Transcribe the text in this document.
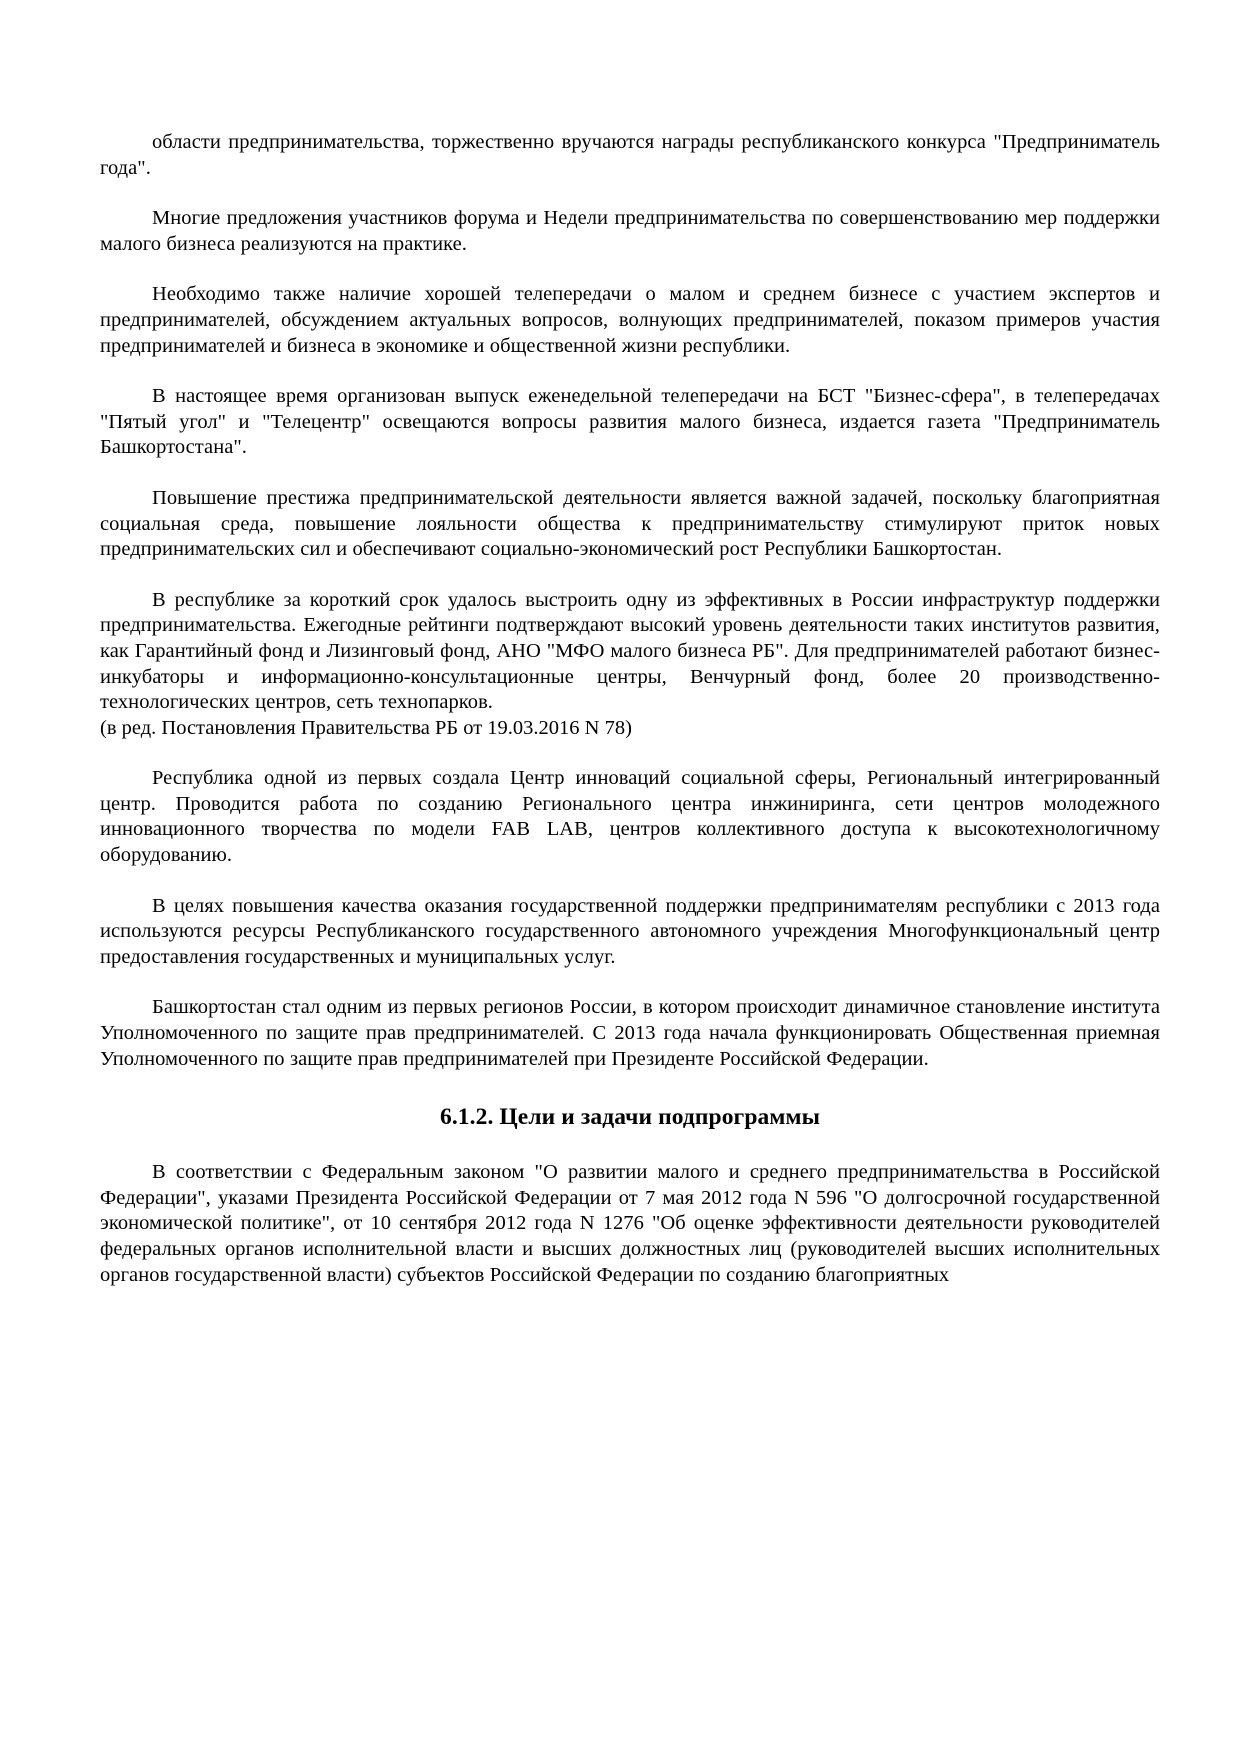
области предпринимательства, торжественно вручаются награды республиканского конкурса "Предприниматель года".

Многие предложения участников форума и Недели предпринимательства по совершенствованию мер поддержки малого бизнеса реализуются на практике.

Необходимо также наличие хорошей телепередачи о малом и среднем бизнесе с участием экспертов и предпринимателей, обсуждением актуальных вопросов, волнующих предпринимателей, показом примеров участия предпринимателей и бизнеса в экономике и общественной жизни республики.

В настоящее время организован выпуск еженедельной телепередачи на БСТ "Бизнес-сфера", в телепередачах "Пятый угол" и "Телецентр" освещаются вопросы развития малого бизнеса, издается газета "Предприниматель Башкортостана".

Повышение престижа предпринимательской деятельности является важной задачей, поскольку благоприятная социальная среда, повышение лояльности общества к предпринимательству стимулируют приток новых предпринимательских сил и обеспечивают социально-экономический рост Республики Башкортостан.

В республике за короткий срок удалось выстроить одну из эффективных в России инфраструктур поддержки предпринимательства. Ежегодные рейтинги подтверждают высокий уровень деятельности таких институтов развития, как Гарантийный фонд и Лизинговый фонд, АНО "МФО малого бизнеса РБ". Для предпринимателей работают бизнес-инкубаторы и информационно-консультационные центры, Венчурный фонд, более 20 производственно-технологических центров, сеть технопарков.

(в ред. Постановления Правительства РБ от 19.03.2016 N 78)

Республика одной из первых создала Центр инноваций социальной сферы, Региональный интегрированный центр. Проводится работа по созданию Регионального центра инжиниринга, сети центров молодежного инновационного творчества по модели FAB LAB, центров коллективного доступа к высокотехнологичному оборудованию.

В целях повышения качества оказания государственной поддержки предпринимателям республики с 2013 года используются ресурсы Республиканского государственного автономного учреждения Многофункциональный центр предоставления государственных и муниципальных услуг.

Башкортостан стал одним из первых регионов России, в котором происходит динамичное становление института Уполномоченного по защите прав предпринимателей. С 2013 года начала функционировать Общественная приемная Уполномоченного по защите прав предпринимателей при Президенте Российской Федерации.

6.1.2. Цели и задачи подпрограммы

В соответствии с Федеральным законом "О развитии малого и среднего предпринимательства в Российской Федерации", указами Президента Российской Федерации от 7 мая 2012 года N 596 "О долгосрочной государственной экономической политике", от 10 сентября 2012 года N 1276 "Об оценке эффективности деятельности руководителей федеральных органов исполнительной власти и высших должностных лиц (руководителей высших исполнительных органов государственной власти) субъектов Российской Федерации по созданию благоприятных
